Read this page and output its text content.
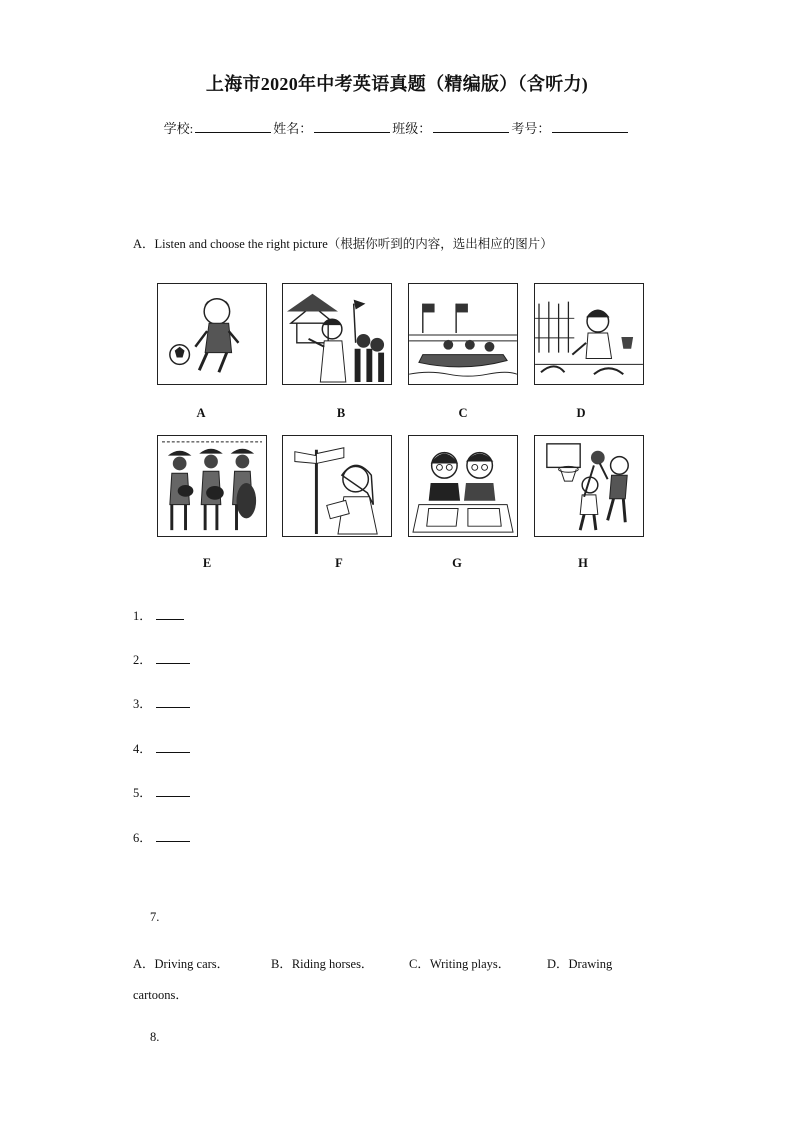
上海市2020年中考英语真题（精编版）（含听力)
学校:	姓名：	班级：	考号：
A．Listen and choose the right picture（根据你听到的内容，选出相应的图片）
A	B	C	D
E	F	G	H
1．
2．
3．
4．
5．
6．
7.
A．Driving cars．	B．Riding horses．	C．Writing plays．	D．Drawing
cartoons．
8.
